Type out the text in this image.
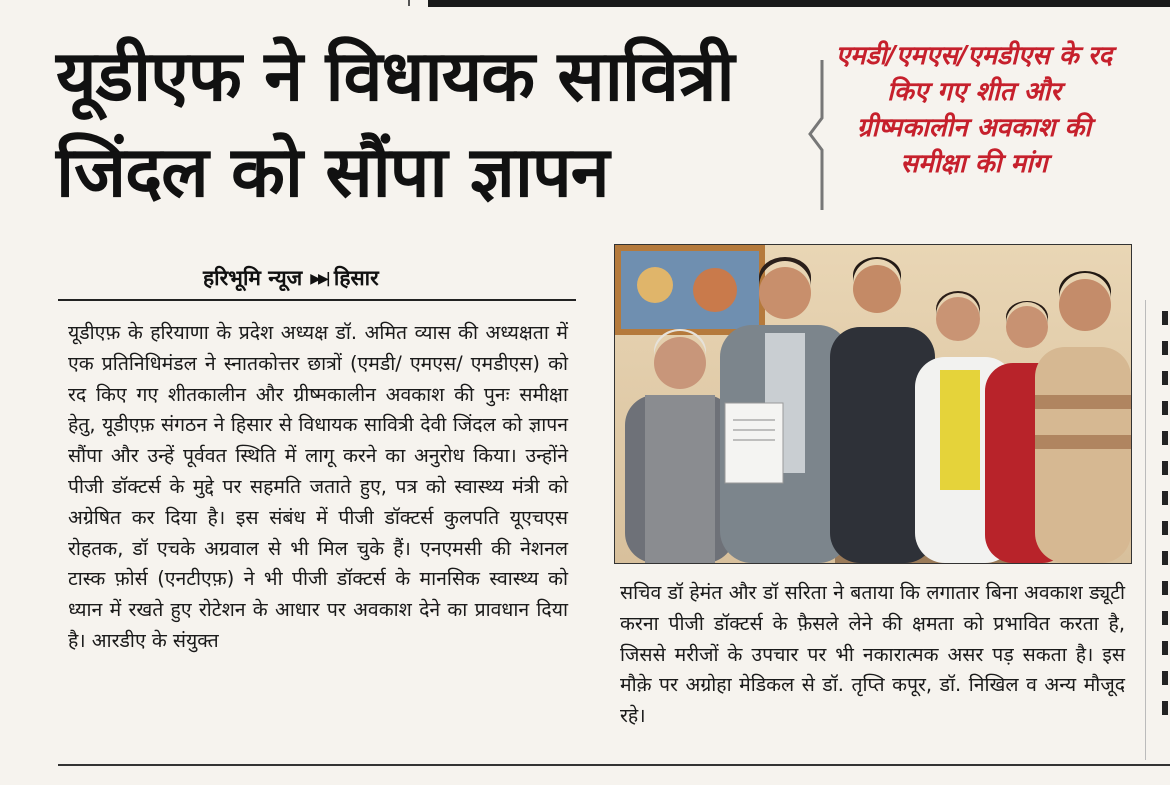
यूडीएफ ने विधायक सावित्री
जिंदल को सौंपा ज्ञापन
एमडी/एमएस/एमडीएस के रद किए गए शीत और ग्रीष्मकालीन अवकाश की समीक्षा की मांग
हरिभूमि न्यूज ▶▶| हिसार

यूडीएफ़ के हरियाणा के प्रदेश अध्यक्ष डॉ. अमित व्यास की अध्यक्षता में एक प्रतिनिधिमंडल ने स्नातकोत्तर छात्रों (एमडी/ एमएस/ एमडीएस) को रद किए गए शीतकालीन और ग्रीष्मकालीन अवकाश की पुनः समीक्षा हेतु, यूडीएफ़ संगठन ने हिसार से विधायक सावित्री देवी जिंदल को ज्ञापन सौंपा और उन्हें पूर्ववत स्थिति में लागू करने का अनुरोध किया। उन्होंने पीजी डॉक्टर्स के मुद्दे पर सहमति जताते हुए, पत्र को स्वास्थ्य मंत्री को अग्रेषित कर दिया है। इस संबंध में पीजी डॉक्टर्स कुलपति यूएचएस रोहतक, डॉ एचके अग्रवाल से भी मिल चुके हैं। एनएमसी की नेशनल टास्क फ़ोर्स (एनटीएफ़) ने भी पीजी डॉक्टर्स के मानसिक स्वास्थ्य को ध्यान में रखते हुए रोटेशन के आधार पर अवकाश देने का प्रावधान दिया है। आरडीए के संयुक्त

सचिव डॉ हेमंत और डॉ सरिता ने बताया कि लगातार बिना अवकाश ड्यूटी करना पीजी डॉक्टर्स के फ़ैसले लेने की क्षमता को प्रभावित करता है, जिससे मरीजों के उपचार पर भी नकारात्मक असर पड़ सकता है। इस मौक़े पर अग्रोहा मेडिकल से डॉ. तृप्ति कपूर, डॉ. निखिल व अन्य मौजूद रहे।
